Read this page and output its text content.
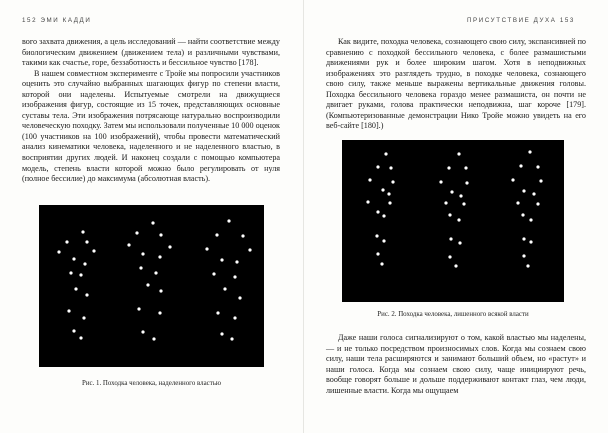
152 ЭМИ КАДДИ

вого захвата движения, а цель исследований — найти соответствие между биологическим движением (движением тела) и различными чувствами, такими как счастье, горе, беззаботность и бессильное чувство [178].

В нашем совместном эксперименте с Тройе мы попросили участников оценить это случайно выбранных шагающих фигур по степени власти, которой они наделены. Испытуемые смотрели на движущиеся изображения фигур, состоящие из 15 точек, представляющих основные суставы тела. Эти изображения потрясающе натурально воспроизводили человеческую походку. Затем мы использовали полученные 10 000 оценок (100 участников на 100 изображений), чтобы провести математический анализ кинематики человека, наделенного и не наделенного властью, в восприятии других людей. И наконец создали с помощью компьютера модель, степень власти которой можно было регулировать от нуля (полное бессилие) до максимума (абсолютная власть).

Рис. 1. Походка человека, наделенного властью
ПРИСУТСТВИЕ ДУХА 153

Как видите, походка человека, сознающего свою силу, экспансивней по сравнению с походкой бессильного человека, с более размашистыми движениями рук и более широким шагом. Хотя в неподвижных изображениях это разглядеть трудно, в походке человека, сознающего свою силу, также меньше выражены вертикальные движения головы. Походка бессильного человека гораздо менее размашиста, он почти не двигает руками, голова практически неподвижна, шаг короче [179]. (Компьютеризованные демонстрации Нико Тройе можно увидеть на его веб-сайте [180].)

Рис. 2. Походка человека, лишенного всякой власти

Даже наши голоса сигнализируют о том, какой властью мы наделены, — и не только посредством произносимых слов. Когда мы сознаем свою силу, наши тела расширяются и занимают больший объем, но «растут» и наши голоса. Когда мы сознаем свою силу, чаще инициируют речь, вообще говорят больше и дольше поддерживают контакт глаз, чем люди, лишенные власти. Когда мы ощущаем
